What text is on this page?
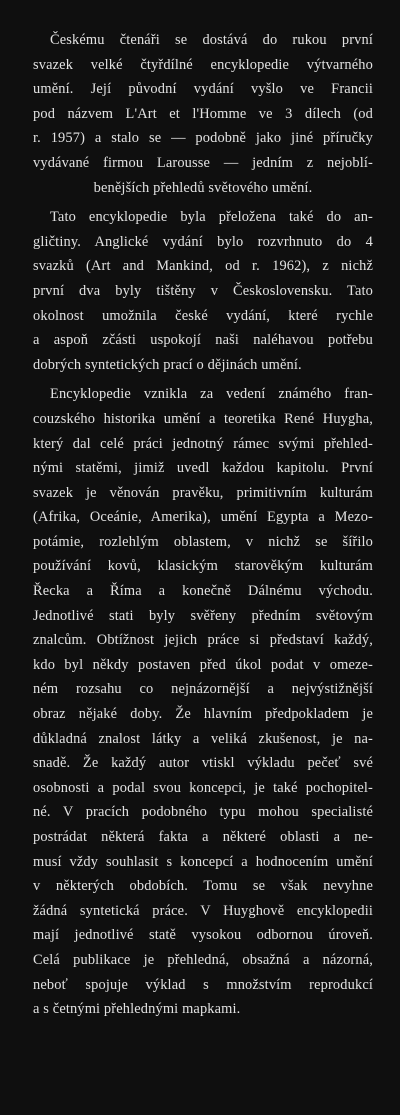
Českému čtenáři se dostává do rukou první
svazek velké čtyřdílné encyklopedie výtvarného
umění. Její původní vydání vyšlo ve Francii
pod názvem L'Art et l'Homme ve 3 dílech (od
r. 1957) a stalo se — podobně jako jiné příručky
vydávané firmou Larousse — jedním z nejoblí-
benějších přehledů světového umění.

Tato encyklopedie byla přeložena také do an-
gličtiny. Anglické vydání bylo rozvrhnuto do 4
svazků (Art and Mankind, od r. 1962), z nichž
první dva byly tištěny v Československu. Tato
okolnost umožnila české vydání, které rychle
a aspoň zčásti uspokojí naši naléhavou potřebu
dobrých syntetických prací o dějinách umění.

Encyklopedie vznikla za vedení známého fran-
couzského historika umění a teoretika René Huygha,
který dal celé práci jednotný rámec svými přehled-
nými statěmi, jimiž uvedl každou kapitolu. První
svazek je věnován pravěku, primitivním kulturám
(Afrika, Oceánie, Amerika), umění Egypta a Mezo-
potámie, rozlehlým oblastem, v nichž se šířilo
používání kovů, klasickým starověkým kulturám
Řecka a Říma a konečně Dálnému východu.
Jednotlivé stati byly svěřeny předním světovým
znalcům. Obtížnost jejich práce si představí každý,
kdo byl někdy postaven před úkol podat v omeze-
ném rozsahu co nejnázornější a nejvýstižnější
obraz nějaké doby. Že hlavním předpokladem je
důkladná znalost látky a veliká zkušenost, je na-
snadě. Že každý autor vtiskl výkladu pečeť své
osobnosti a podal svou koncepci, je také pochopitel-
né. V pracích podobného typu mohou specialisté
postrádat některá fakta a některé oblasti a ne-
musí vždy souhlasit s koncepcí a hodnocením umění
v některých obdobích. Tomu se však nevyhne
žádná syntetická práce. V Huyghově encyklopedii
mají jednotlivé statě vysokou odbornou úroveň.
Celá publikace je přehledná, obsažná a názorná,
neboť spojuje výklad s množstvím reprodukcí
a s četnými přehlednými mapkami.
